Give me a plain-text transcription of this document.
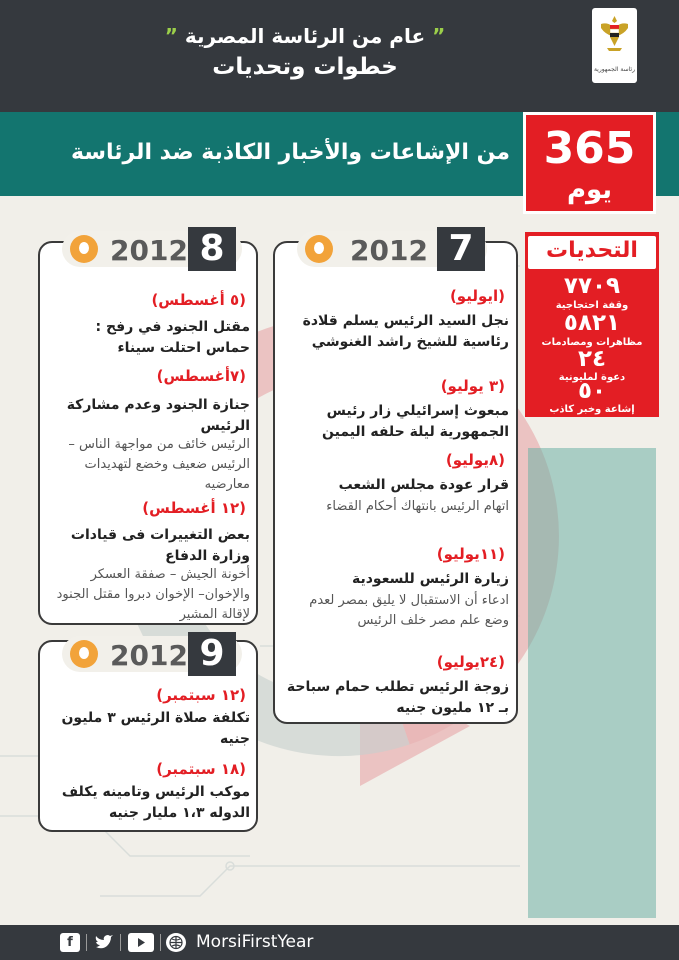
” عام من الرئاسة المصرية ”
خطوات وتحديات	رئاسة الجمهورية
من الإشاعات والأخبار الكاذبة ضد الرئاسة 365
يوم
التحديات
٧٧٠٩
وقفة احتجاجية
٥٨٢١
مظاهرات ومصادمات
٢٤
دعوة لمليونية
٥٠
إشاعة وخبر كاذب
2012 7
(ايوليو)
نجل السيد الرئيس يسلم قلادة رئاسية للشيخ راشد الغنوشي
(٣ يوليو)
مبعوث إسرائيلي زار رئيس الجمهورية ليلة حلفه اليمين
(٨يوليو)
قرار عودة مجلس الشعب
اتهام الرئيس بانتهاك أحكام القضاء
(١١يوليو)
زيارة الرئيس للسعودية
ادعاء أن الاستقبال لا يليق بمصر لعدم وضع علم مصر خلف الرئيس
(٢٤يوليو)
زوجة الرئيس تطلب حمام سباحة بـ ١٢ مليون جنيه
2012 8
(٥ أغسطس)
مقتل الجنود في رفح : حماس احتلت سيناء
(٧أغسطس)
جنازة الجنود وعدم مشاركة الرئيس
الرئيس خائف من مواجهة الناس – الرئيس ضعيف وخضع لتهديدات معارضيه
(١٢ أغسطس)
بعض التغييرات فى قيادات وزارة الدفاع
أخونة الجيش – صفقة العسكر والإخوان– الإخوان دبروا مقتل الجنود لإقالة المشير
2012 9
(١٢ سبتمبر)
تكلفة صلاة الرئيس ٣ مليون جنيه
(١٨ سبتمبر)
موكب الرئيس وتامينه يكلف الدوله ١،٣ مليار جنيه
f	MorsiFirstYear
